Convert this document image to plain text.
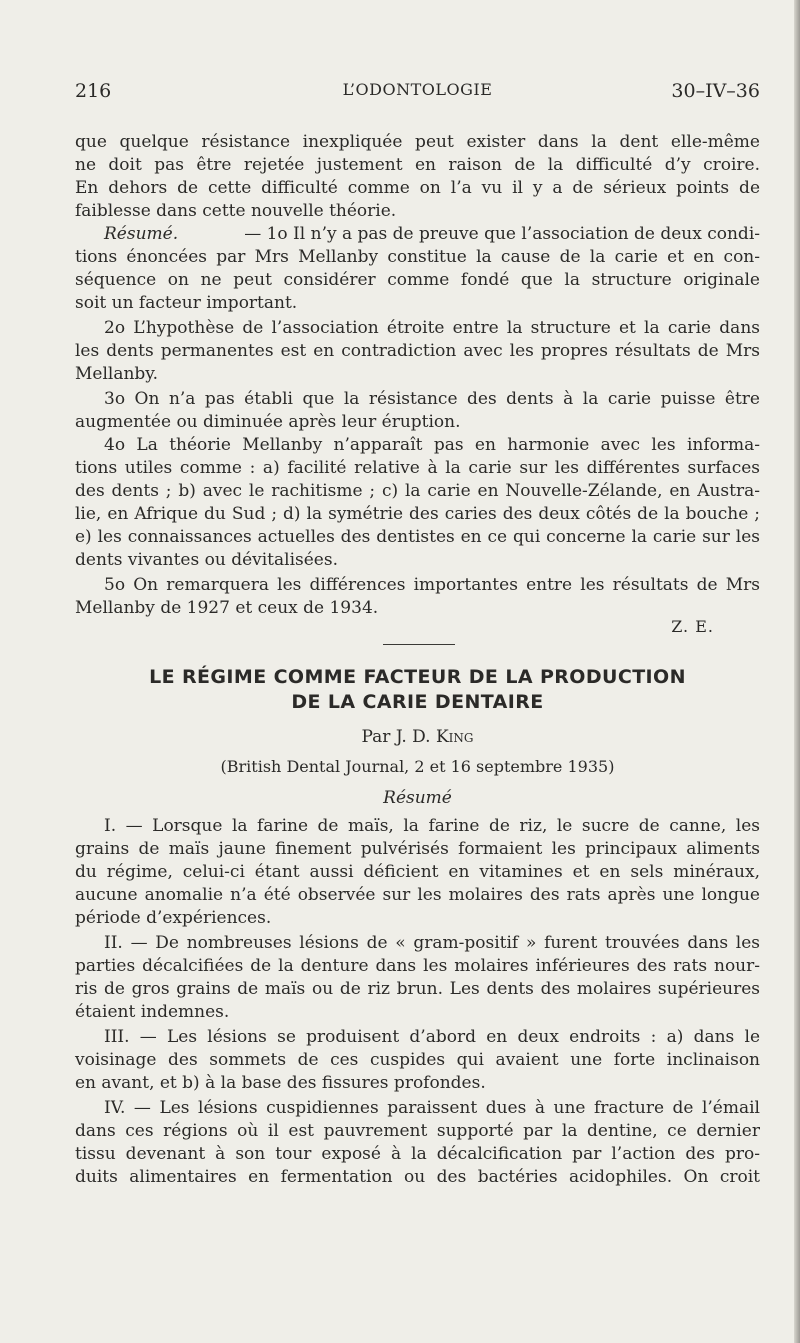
L’ODONTOLOGIE
216	30–IV–36
que quelque résistance inexpliquée peut exister dans la dent elle-même
ne doit pas être rejetée justement en raison de la difficulté d’y croire.
En dehors de cette difficulté comme on l’a vu il y a de sérieux points de
faiblesse dans cette nouvelle théorie.
Résumé.	— 1o Il n’y a pas de preuve que l’association de deux condi-
tions énoncées par Mrs Mellanby constitue la cause de la carie et en con-
séquence on ne peut considérer comme fondé que la structure originale
soit un facteur important.
2o L’hypothèse de l’association étroite entre la structure et la carie dans
les dents permanentes est en contradiction avec les propres résultats de Mrs
Mellanby.
3o On n’a pas établi que la résistance des dents à la carie puisse être
augmentée ou diminuée après leur éruption.
4o La théorie Mellanby n’apparaît pas en harmonie avec les informa-
tions utiles comme : a) facilité relative à la carie sur les différentes surfaces
des dents ; b) avec le rachitisme ; c) la carie en Nouvelle-Zélande, en Austra-
lie, en Afrique du Sud ; d) la symétrie des caries des deux côtés de la bouche ;
e) les connaissances actuelles des dentistes en ce qui concerne la carie sur les
dents vivantes ou dévitalisées.
5o On remarquera les différences importantes entre les résultats de Mrs
Mellanby de 1927 et ceux de 1934.
Z. E.
LE RÉGIME COMME FACTEUR DE LA PRODUCTION
DE LA CARIE DENTAIRE
Par J. D. King
(British Dental Journal, 2 et 16 septembre 1935)
Résumé
I. — Lorsque la farine de maïs, la farine de riz, le sucre de canne, les
grains de maïs jaune finement pulvérisés formaient les principaux aliments
du régime, celui-ci étant aussi déficient en vitamines et en sels minéraux,
aucune anomalie n’a été observée sur les molaires des rats après une longue
période d’expériences.
II. — De nombreuses lésions de « gram-positif » furent trouvées dans les
parties décalcifiées de la denture dans les molaires inférieures des rats nour-
ris de gros grains de maïs ou de riz brun. Les dents des molaires supérieures
étaient indemnes.
III. — Les lésions se produisent d’abord en deux endroits : a) dans le
voisinage des sommets de ces cuspides qui avaient une forte inclinaison
en avant, et b) à la base des fissures profondes.
IV. — Les lésions cuspidiennes paraissent dues à une fracture de l’émail
dans ces régions où il est pauvrement supporté par la dentine, ce dernier
tissu devenant à son tour exposé à la décalcification par l’action des pro-
duits alimentaires en fermentation ou des bactéries acidophiles. On croit
